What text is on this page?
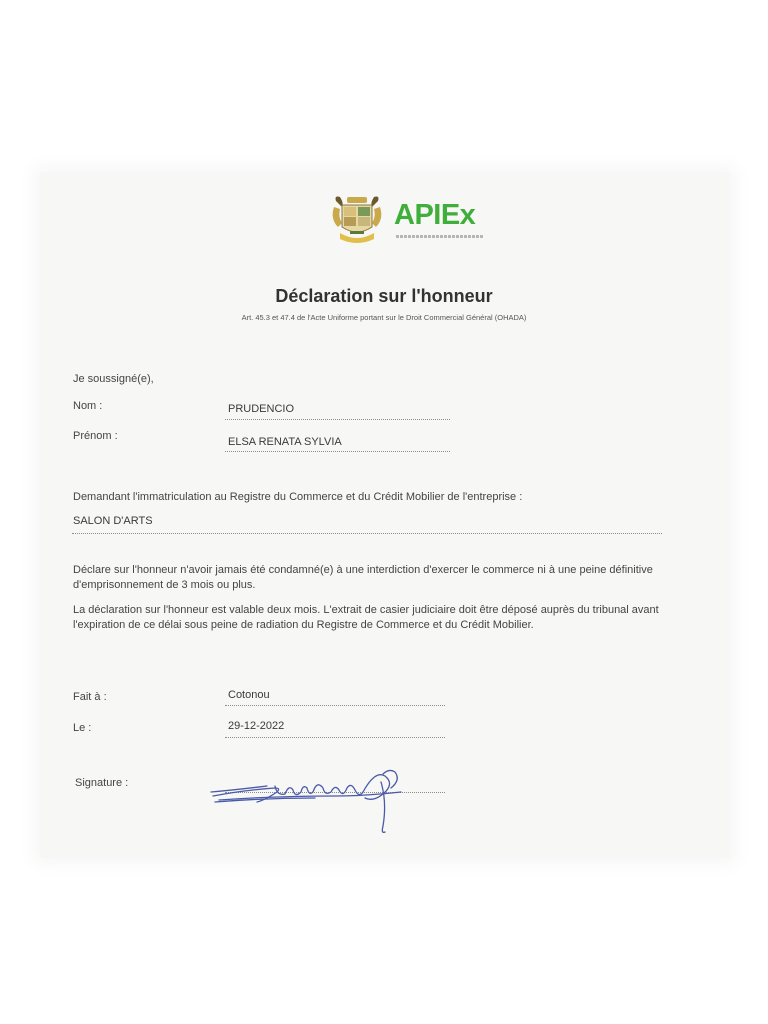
APIEx
Déclaration sur l'honneur
Art. 45.3 et 47.4 de l'Acte Uniforme portant sur le Droit Commercial Général (OHADA)
Je soussigné(e),
Nom :	PRUDENCIO
Prénom :	ELSA RENATA SYLVIA
Demandant l'immatriculation au Registre du Commerce et du Crédit Mobilier de l'entreprise :
SALON D'ARTS
Déclare sur l'honneur n'avoir jamais été condamné(e) à une interdiction d'exercer le commerce ni à une peine définitive d'emprisonnement de 3 mois ou plus.
La déclaration sur l'honneur est valable deux mois. L'extrait de casier judiciaire doit être déposé auprès du tribunal avant l'expiration de ce délai sous peine de radiation du Registre de Commerce et du Crédit Mobilier.
Fait à :	Cotonou
Le :	29-12-2022
Signature :
